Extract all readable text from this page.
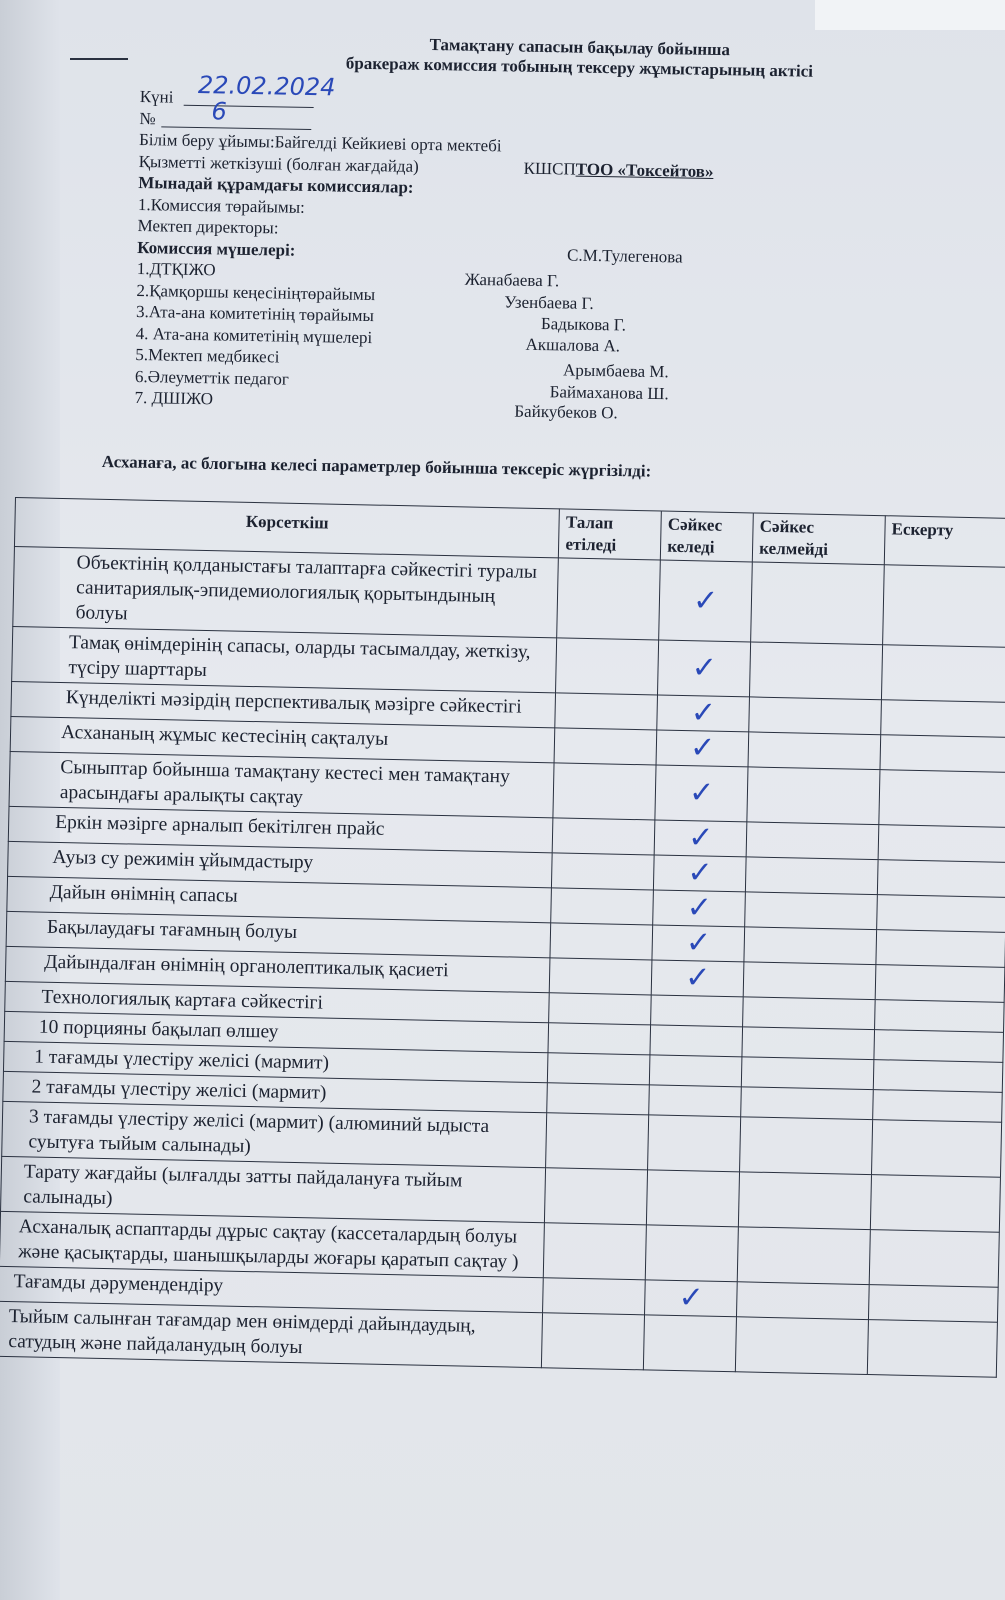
Тамақтану сапасын бақылау бойынша
бракераж комиссия тобының тексеру жұмыстарының актісі
Күні 22.02.2024
№ 6
Білім беру ұйымы:Байгелді Кейкиеві орта мектебі
Қызметті жеткізуші (болған жағдайда)	КШСПТОО «Токсейтов»
Мынадай құрамдағы комиссиялар:
1.Комиссия төрайымы:
Мектеп директоры:
Комиссия мүшелері:	С.М.Тулегенова
1.ДТҚІЖО
Жанабаева Г.
2.Қамқоршы кеңесініңтөрайымы	Узенбаева Г.
3.Ата-ана комитетінің төрайымы	Бадыкова Г.
4. Ата-ана комитетінің мүшелері	Акшалова А.
5.Мектеп медбикесі
Арымбаева М.
6.Әлеуметтік педагог
Баймаханова Ш.
7. ДШІЖО
Байкубеков О.
Асханаға, ас блогына келесі параметрлер бойынша тексеріс жүргізілді:
Көрсеткіш	Талап етіледі	Сәйкес келеді	Сәйкес келмейді	Ескерту
Объектінің қолданыстағы талаптарға сәйкестігі туралы санитариялық-эпидемиологиялық қорытындының болуы		✓		
Тамақ өнімдерінің сапасы, оларды тасымалдау, жеткізу, түсіру шарттары		✓		
Күнделікті мәзірдің перспективалық мәзірге сәйкестігі		✓		
Асхананың жұмыс кестесінің сақталуы		✓		
Сыныптар бойынша тамақтану кестесі мен тамақтану арасындағы аралықты сақтау		✓		
Еркін мәзірге арналып бекітілген прайс		✓		
Ауыз су режимін ұйымдастыру		✓		
Дайын өнімнің сапасы		✓		
Бақылаудағы тағамның болуы		✓		
Дайындалған өнімнің органолептикалық қасиеті		✓		
Технологиялық картаға сәйкестігі				
10 порцияны бақылап өлшеу				
1 тағамды үлестіру желісі (мармит)				
2 тағамды үлестіру желісі (мармит)				
3 тағамды үлестіру желісі (мармит) (алюминий ыдыста суытуға тыйым салынады)				
Тарату жағдайы (ылғалды затты пайдалануға тыйым салынады)				
Асханалық аспаптарды дұрыс сақтау (кассеталардың болуы және қасықтарды, шанышқыларды жоғары қаратып сақтау )				
Тағамды дәрумендендіру		✓		
Тыйым салынған тағамдар мен өнімдерді дайындаудың, сатудың және пайдаланудың болуы				
